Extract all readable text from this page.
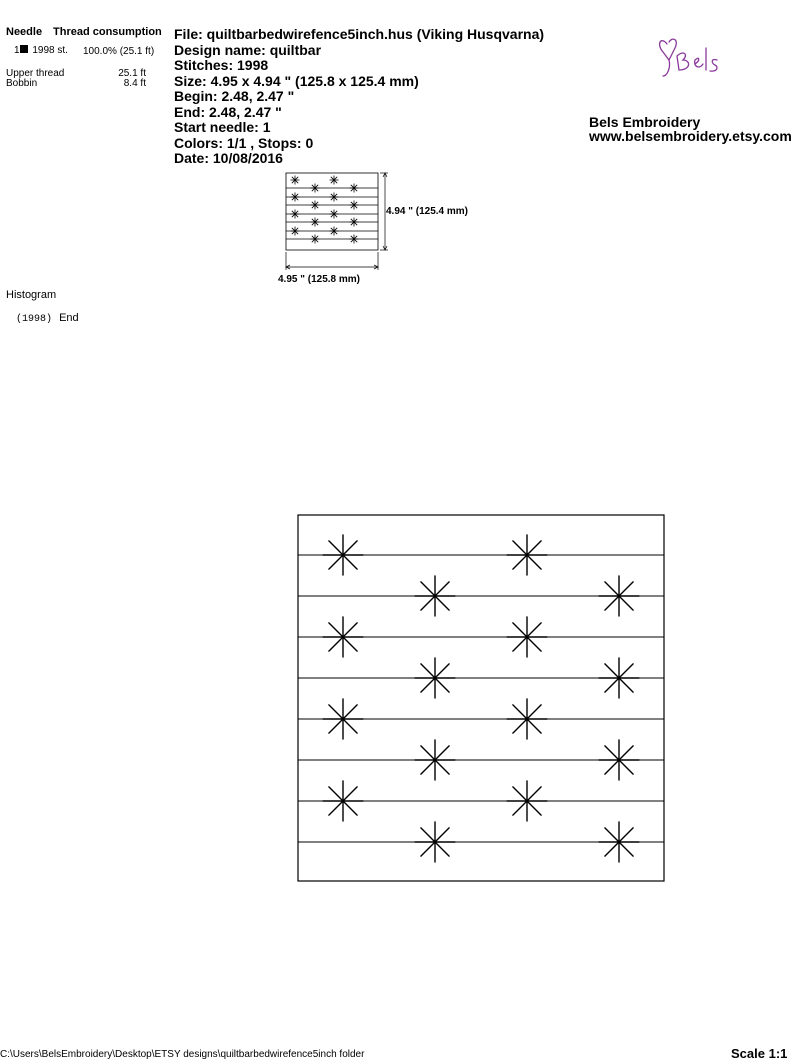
Needle Thread consumption
1 1998 st. 100.0% (25.1 ft)
Upper thread	25.1 ft
Bobbin	8.4 ft
File: quiltbarbedwirefence5inch.hus (Viking Husqvarna)
Design name: quiltbar
Stitches: 1998
Size: 4.95 x 4.94 " (125.8 x 125.4 mm)
Begin: 2.48, 2.47 "
End: 2.48, 2.47 "
Start needle: 1
Colors: 1/1 , Stops: 0
Date: 10/08/2016
Bels Embroidery
www.belsembroidery.etsy.com
4.94 " (125.4 mm)
4.95 " (125.8 mm)
Histogram
(1998) End
C:\Users\BelsEmbroidery\Desktop\ETSY designs\quiltbarbedwirefence5inch folder	Scale 1:1
